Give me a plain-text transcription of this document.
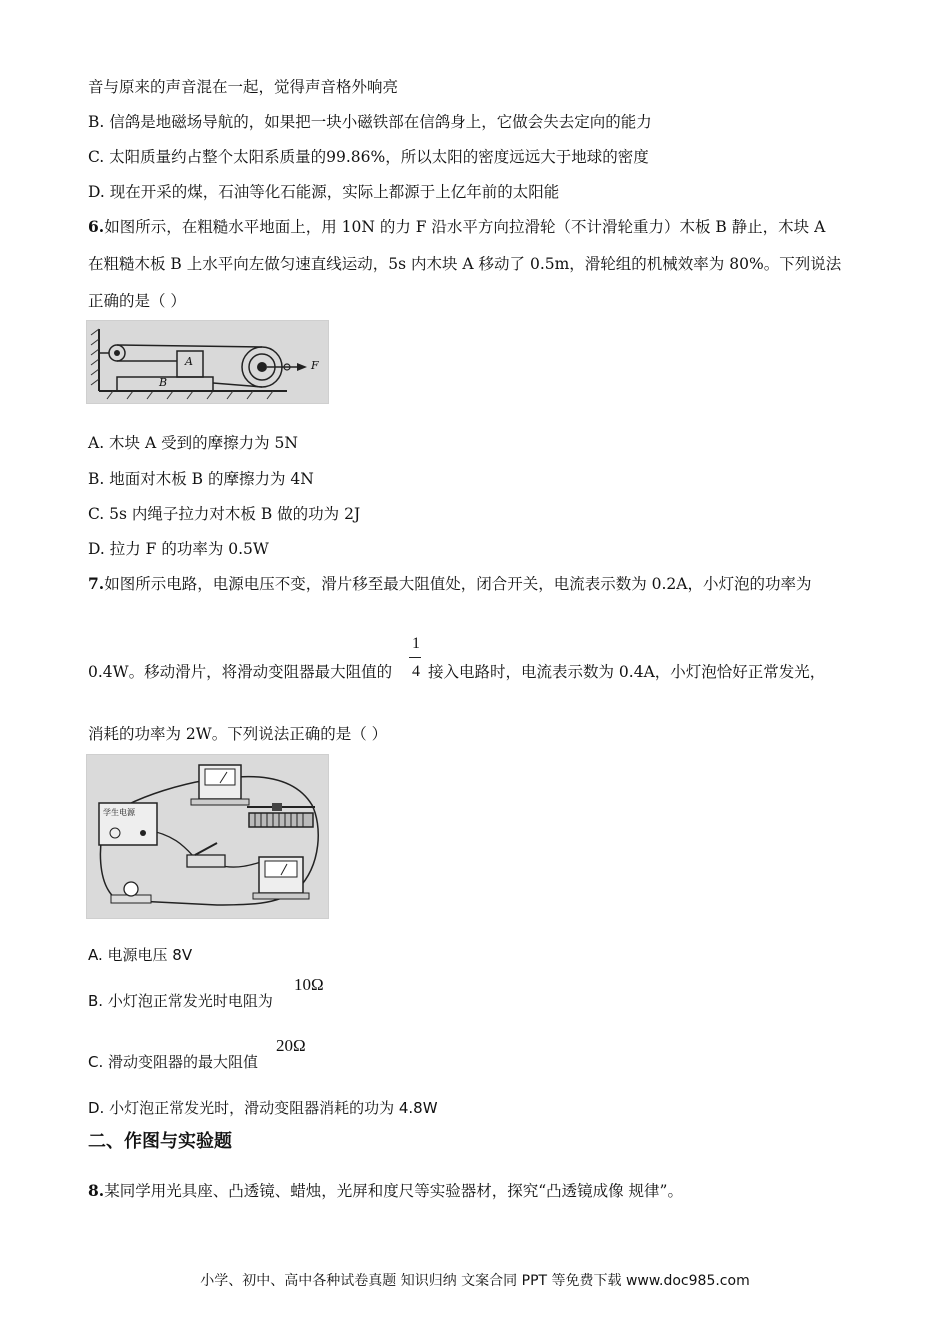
音与原来的声音混在一起，觉得声音格外响亮
B. 信鸽是地磁场导航的，如果把一块小磁铁部在信鸽身上，它做会失去定向的能力
C. 太阳质量约占整个太阳系质量的99.86%，所以太阳的密度远远大于地球的密度
D. 现在开采的煤，石油等化石能源，实际上都源于上亿年前的太阳能
6.如图所示，在粗糙水平地面上，用 10N 的力 F 沿水平方向拉滑轮（不计滑轮重力）木板 B 静止，木块 A
在粗糙木板 B 上水平向左做匀速直线运动，5s 内木块 A 移动了 0.5m，滑轮组的机械效率为 80%。下列说法
正确的是（ ）
A
B
F
A. 木块 A 受到的摩擦力为 5N
B. 地面对木板 B 的摩擦力为 4N
C. 5s 内绳子拉力对木板 B 做的功为 2J
D. 拉力 F 的功率为 0.5W
7.如图所示电路，电源电压不变，滑片移至最大阻值处，闭合开关，电流表示数为 0.2A，小灯泡的功率为
0.4W。移动滑片，将滑动变阻器最大阻值的
1
4 接入电路时，电流表示数为 0.4A，小灯泡恰好正常发光，
消耗的功率为 2W。下列说法正确的是（ ）
学生电源
A. 电源电压 8V
B. 小灯泡正常发光时电阻为
10Ω
C. 滑动变阻器的最大阻值
20Ω
D. 小灯泡正常发光时，滑动变阻器消耗的功为 4.8W
二、作图与实验题
8.某同学用光具座、凸透镜、蜡烛，光屏和度尺等实验器材，探究“凸透镜成像 规律”。
小学、初中、高中各种试卷真题 知识归纳 文案合同 PPT 等免费下载 www.doc985.com
